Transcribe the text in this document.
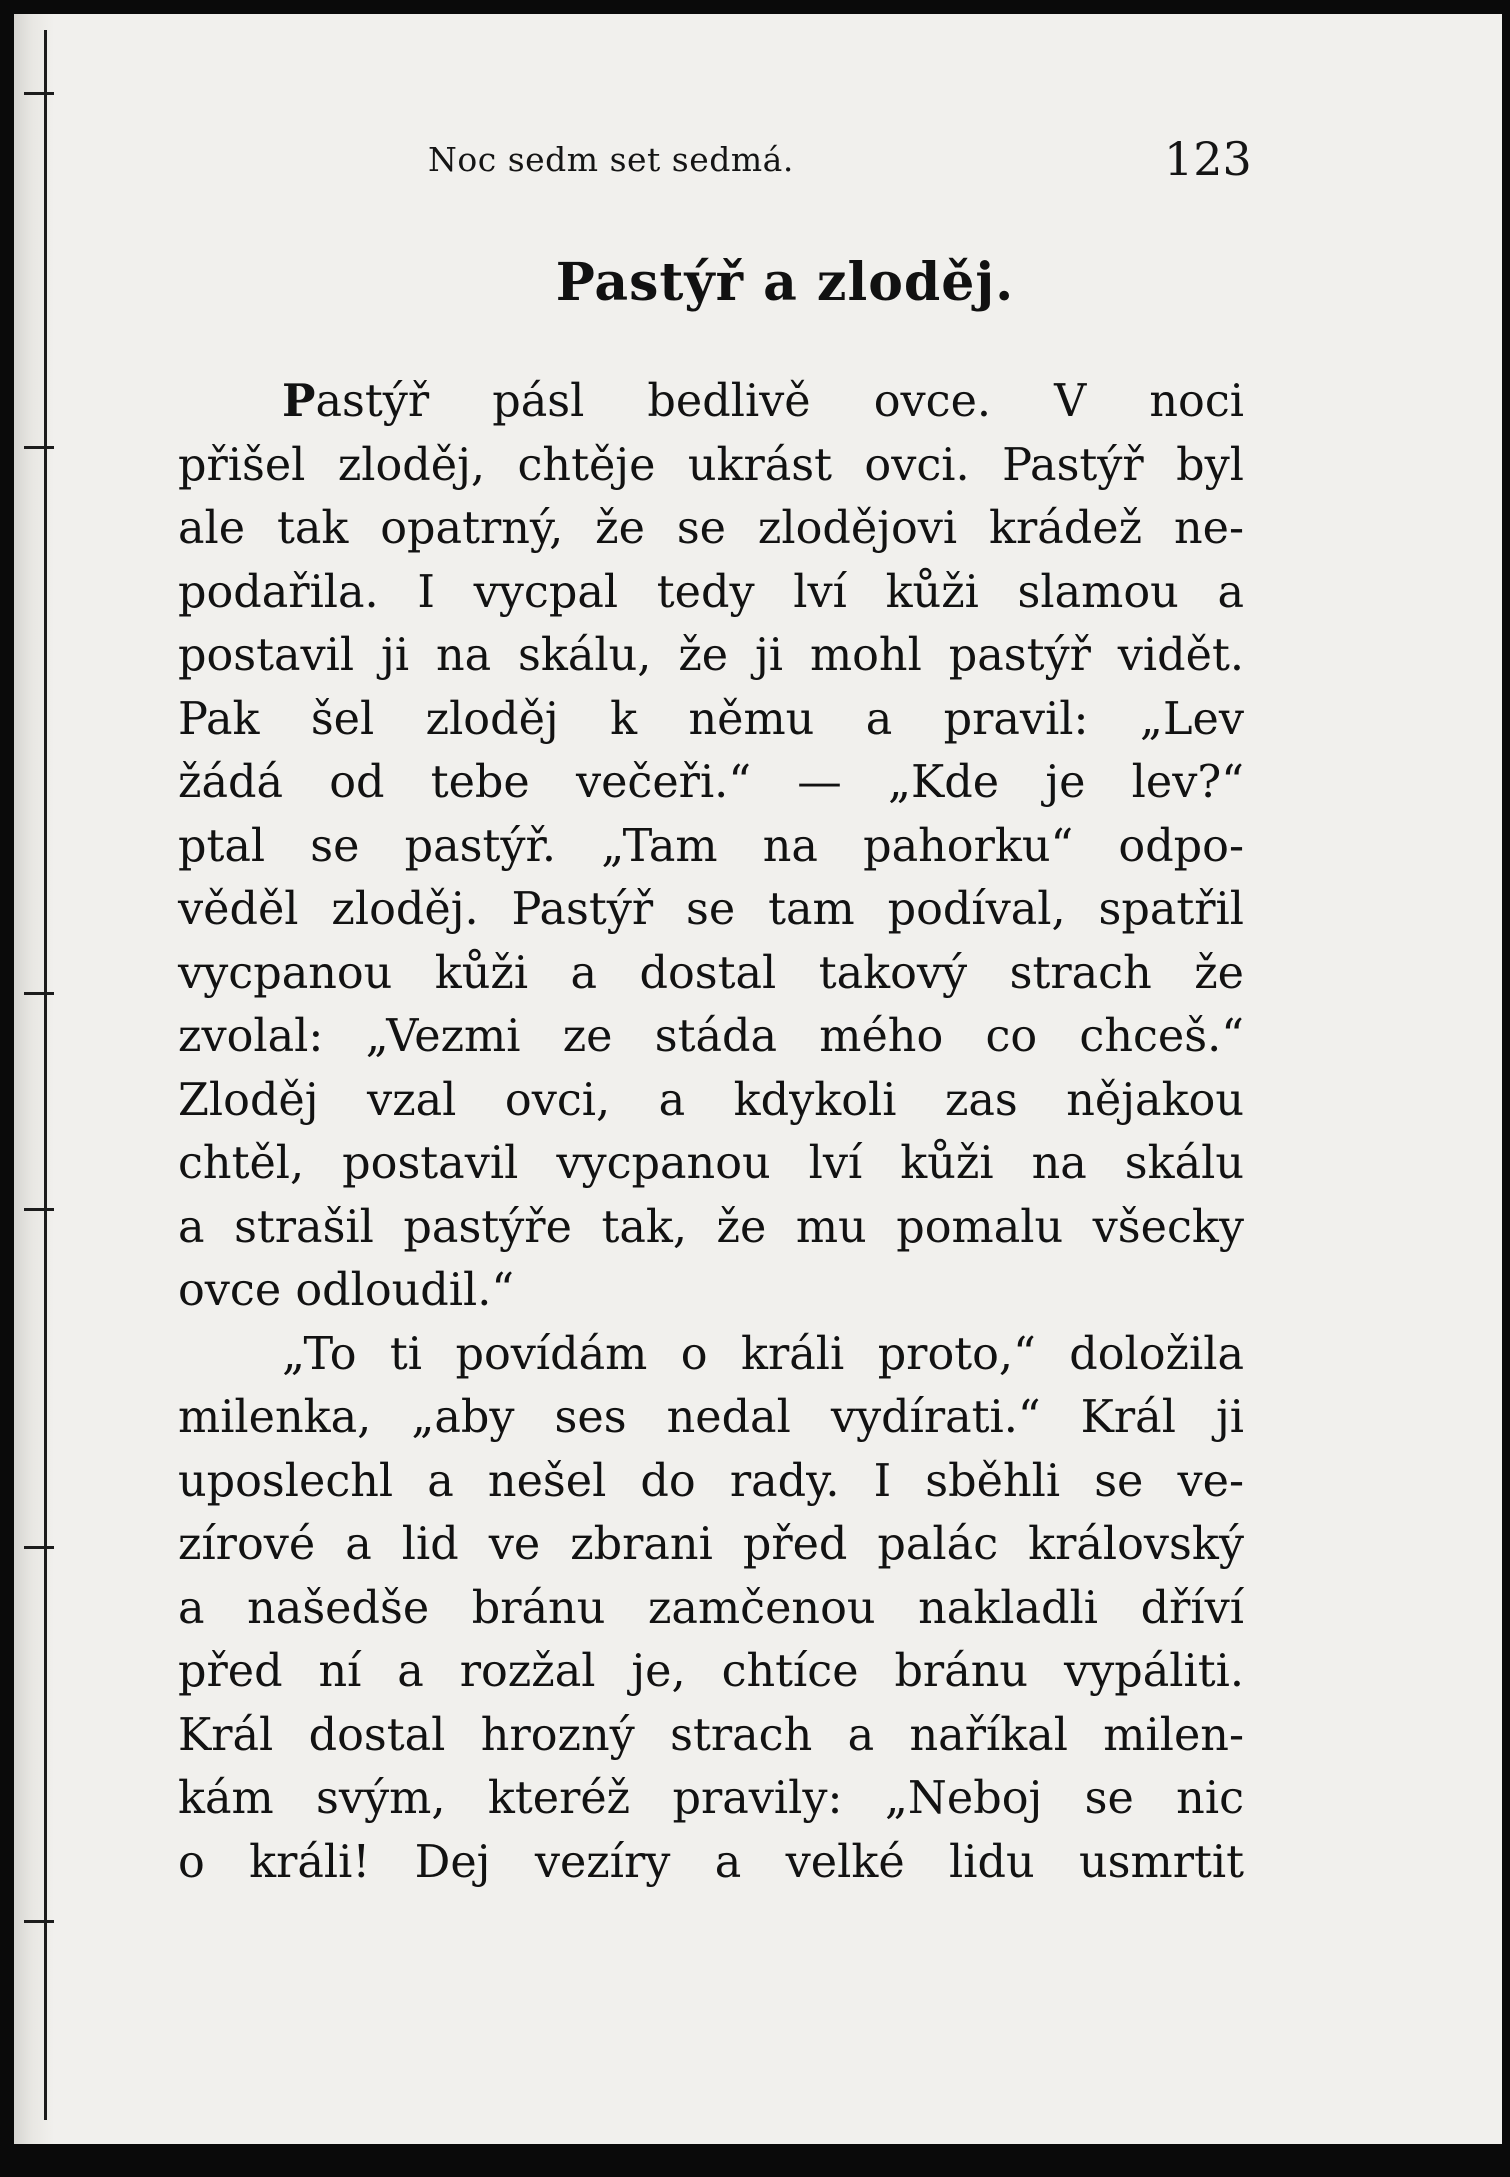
Noc sedm set sedmá.	123
Pastýř a zloděj.
Pastýř pásl bedlivě ovce. V noci
přišel zloděj, chtěje ukrást ovci. Pastýř byl
ale tak opatrný, že se zlodějovi krádež ne-
podařila. I vycpal tedy lví kůži slamou a
postavil ji na skálu, že ji mohl pastýř vidět.
Pak šel zloděj k němu a pravil: „Lev
žádá od tebe večeři.“ — „Kde je lev?“
ptal se pastýř. „Tam na pahorku“ odpo-
věděl zloděj. Pastýř se tam podíval, spatřil
vycpanou kůži a dostal takový strach že
zvolal: „Vezmi ze stáda mého co chceš.“
Zloděj vzal ovci, a kdykoli zas nějakou
chtěl, postavil vycpanou lví kůži na skálu
a strašil pastýře tak, že mu pomalu všecky
ovce odloudil.“
„To ti povídám o králi proto,“ doložila
milenka, „aby ses nedal vydírati.“ Král ji
uposlechl a nešel do rady. I sběhli se ve-
zírové a lid ve zbrani před palác královský
a našedše bránu zamčenou nakladli dříví
před ní a rozžal je, chtíce bránu vypáliti.
Král dostal hrozný strach a naříkal milen-
kám svým, kteréž pravily: „Neboj se nic
o králi! Dej vezíry a velké lidu usmrtit
